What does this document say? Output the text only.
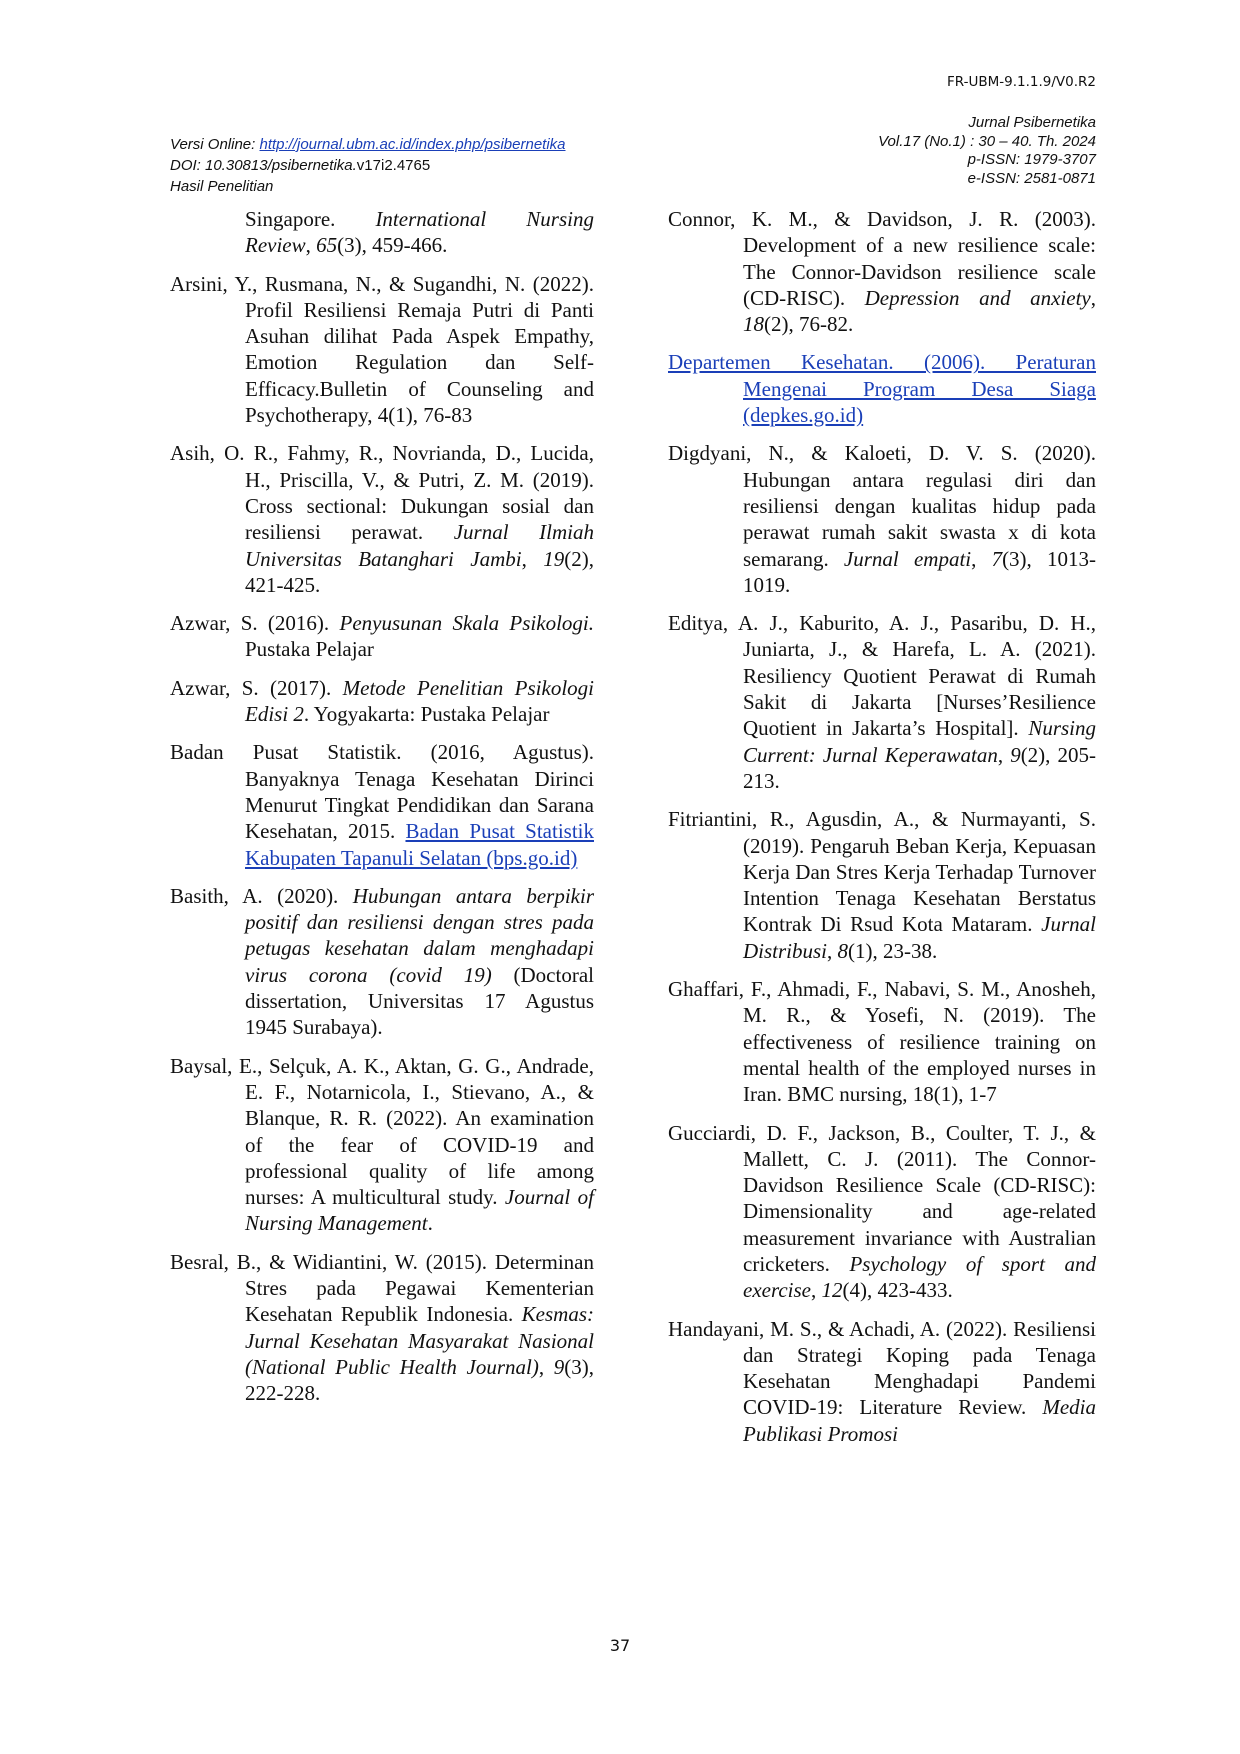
FR-UBM-9.1.1.9/V0.R2
Versi Online: http://journal.ubm.ac.id/index.php/psibernetika
DOI: 10.30813/psibernetika.v17i2.4765
Hasil Penelitian
Jurnal Psibernetika
Vol.17 (No.1) : 30 – 40. Th. 2024
p-ISSN: 1979-3707
e-ISSN: 2581-0871

Singapore. International Nursing Review, 65(3), 459-466.

Arsini, Y., Rusmana, N., & Sugandhi, N. (2022). Profil Resiliensi Remaja Putri di Panti Asuhan dilihat Pada Aspek Empathy, Emotion Regulation dan Self-Efficacy.Bulletin of Counseling and Psychotherapy, 4(1), 76-83

Asih, O. R., Fahmy, R., Novrianda, D., Lucida, H., Priscilla, V., & Putri, Z. M. (2019). Cross sectional: Dukungan sosial dan resiliensi perawat. Jurnal Ilmiah Universitas Batanghari Jambi, 19(2), 421-425.

Azwar, S. (2016). Penyusunan Skala Psikologi. Pustaka Pelajar

Azwar, S. (2017). Metode Penelitian Psikologi Edisi 2. Yogyakarta: Pustaka Pelajar

Badan Pusat Statistik. (2016, Agustus). Banyaknya Tenaga Kesehatan Dirinci Menurut Tingkat Pendidikan dan Sarana Kesehatan, 2015. Badan Pusat Statistik Kabupaten Tapanuli Selatan (bps.go.id)

Basith, A. (2020). Hubungan antara berpikir positif dan resiliensi dengan stres pada petugas kesehatan dalam menghadapi virus corona (covid 19) (Doctoral dissertation, Universitas 17 Agustus 1945 Surabaya).

Baysal, E., Selçuk, A. K., Aktan, G. G., Andrade, E. F., Notarnicola, I., Stievano, A., & Blanque, R. R. (2022). An examination of the fear of COVID-19 and professional quality of life among nurses: A multicultural study. Journal of Nursing Management.

Besral, B., & Widiantini, W. (2015). Determinan Stres pada Pegawai Kementerian Kesehatan Republik Indonesia. Kesmas: Jurnal Kesehatan Masyarakat Nasional (National Public Health Journal), 9(3), 222-228.

Connor, K. M., & Davidson, J. R. (2003). Development of a new resilience scale: The Connor-Davidson resilience scale (CD-RISC). Depression and anxiety, 18(2), 76-82.

Departemen Kesehatan. (2006). Peraturan Mengenai Program Desa Siaga (depkes.go.id)

Digdyani, N., & Kaloeti, D. V. S. (2020). Hubungan antara regulasi diri dan resiliensi dengan kualitas hidup pada perawat rumah sakit swasta x di kota semarang. Jurnal empati, 7(3), 1013-1019.

Editya, A. J., Kaburito, A. J., Pasaribu, D. H., Juniarta, J., & Harefa, L. A. (2021). Resiliency Quotient Perawat di Rumah Sakit di Jakarta [Nurses’Resilience Quotient in Jakarta’s Hospital]. Nursing Current: Jurnal Keperawatan, 9(2), 205-213.

Fitriantini, R., Agusdin, A., & Nurmayanti, S. (2019). Pengaruh Beban Kerja, Kepuasan Kerja Dan Stres Kerja Terhadap Turnover Intention Tenaga Kesehatan Berstatus Kontrak Di Rsud Kota Mataram. Jurnal Distribusi, 8(1), 23-38.

Ghaffari, F., Ahmadi, F., Nabavi, S. M., Anosheh, M. R., & Yosefi, N. (2019). The effectiveness of resilience training on mental health of the employed nurses in Iran. BMC nursing, 18(1), 1-7

Gucciardi, D. F., Jackson, B., Coulter, T. J., & Mallett, C. J. (2011). The Connor-Davidson Resilience Scale (CD-RISC): Dimensionality and age-related measurement invariance with Australian cricketers. Psychology of sport and exercise, 12(4), 423-433.

Handayani, M. S., & Achadi, A. (2022). Resiliensi dan Strategi Koping pada Tenaga Kesehatan Menghadapi Pandemi COVID-19: Literature Review. Media Publikasi Promosi

37
